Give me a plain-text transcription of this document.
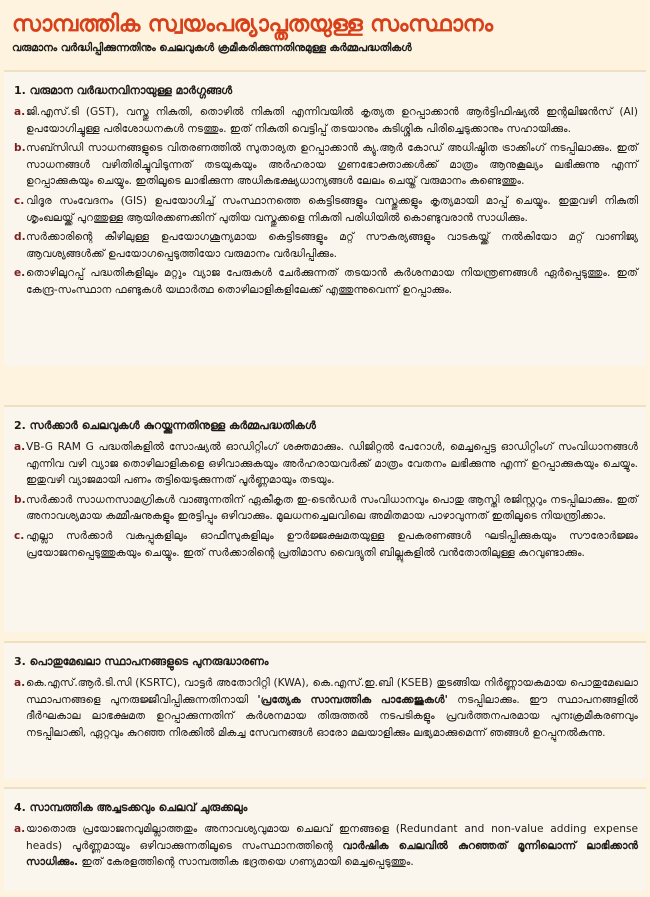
സാമ്പത്തിക സ്വയംപര്യാപ്തതയുള്ള സംസ്ഥാനം
വരുമാനം വർദ്ധിപ്പിക്കുന്നതിനും ചെലവുകൾ ക്രമീകരിക്കുന്നതിനുമുള്ള കർമ്മപദ്ധതികൾ
1. വരുമാന വർദ്ധനവിനായുള്ള മാർഗ്ഗങ്ങൾ
a. ജി.എസ്.ടി (GST), വസ്തു നികുതി, തൊഴിൽ നികുതി എന്നിവയിൽ കൃത്യത ഉറപ്പാക്കാൻ ആർട്ടിഫിഷ്യൽ ഇന്റലിജൻസ് (AI) ഉപയോഗിച്ചുള്ള പരിശോധനകൾ നടത്തും. ഇത് നികുതി വെട്ടിപ്പ് തടയാനും കുടിശ്ശിക പിരിച്ചെടുക്കാനും സഹായിക്കും.
b. സബ്സിഡി സാധനങ്ങളുടെ വിതരണത്തിൽ സുതാര്യത ഉറപ്പാക്കാൻ ക്യു.ആർ കോഡ് അധിഷ്ഠിത ട്രാക്കിംഗ് നടപ്പിലാക്കും. ഇത് സാധനങ്ങൾ വഴിതിരിച്ചുവിടുന്നത് തടയുകയും അർഹരായ ഗുണഭോക്താക്കൾക്ക് മാത്രം ആനുകൂല്യം ലഭിക്കുന്നു എന്ന് ഉറപ്പാക്കുകയും ചെയ്യും. ഇതിലൂടെ ലാഭിക്കുന്ന അധികഭക്ഷ്യധാന്യങ്ങൾ ലേലം ചെയ്ത് വരുമാനം കണ്ടെത്തും.
c. വിദൂര സംവേദനം (GIS) ഉപയോഗിച്ച് സംസ്ഥാനത്തെ കെട്ടിടങ്ങളും വസ്തുക്കളും കൃത്യമായി മാപ്പ് ചെയ്യും. ഇതുവഴി നികുതി ശൃംഖലയ്ക്ക് പുറത്തുള്ള ആയിരക്കണക്കിന് പുതിയ വസ്തുക്കളെ നികുതി പരിധിയിൽ കൊണ്ടുവരാൻ സാധിക്കും.
d. സർക്കാരിന്റെ കീഴിലുള്ള ഉപയോഗശൂന്യമായ കെട്ടിടങ്ങളും മറ്റ് സൗകര്യങ്ങളും വാടകയ്ക്ക് നൽകിയോ മറ്റ് വാണിജ്യ ആവശ്യങ്ങൾക്ക് ഉപയോഗപ്പെടുത്തിയോ വരുമാനം വർദ്ധിപ്പിക്കും.
e. തൊഴിലുറപ്പ് പദ്ധതികളിലും മറ്റും വ്യാജ പേരുകൾ ചേർക്കുന്നത് തടയാൻ കർശനമായ നിയന്ത്രണങ്ങൾ ഏർപ്പെടുത്തും. ഇത് കേന്ദ്ര-സംസ്ഥാന ഫണ്ടുകൾ യഥാർത്ഥ തൊഴിലാളികളിലേക്ക് എത്തുന്നുവെന്ന് ഉറപ്പാക്കും.
2. സർക്കാർ ചെലവുകൾ കുറയ്ക്കുന്നതിനുള്ള കർമ്മപദ്ധതികൾ
a. VB-G RAM G പദ്ധതികളിൽ സോഷ്യൽ ഓഡിറ്റിംഗ് ശക്തമാക്കും. ഡിജിറ്റൽ പേറോൾ, മെച്ചപ്പെട്ട ഓഡിറ്റിംഗ് സംവിധാനങ്ങൾ എന്നിവ വഴി വ്യാജ തൊഴിലാളികളെ ഒഴിവാക്കുകയും അർഹരായവർക്ക് മാത്രം വേതനം ലഭിക്കുന്നു എന്ന് ഉറപ്പാക്കുകയും ചെയ്യും. ഇതുവഴി വ്യാജമായി പണം തട്ടിയെടുക്കുന്നത് പൂർണ്ണമായും തടയും.
b. സർക്കാർ സാധനസാമഗ്രികൾ വാങ്ങുന്നതിന് ഏകീകൃത ഇ-ടെൻഡർ സംവിധാനവും പൊതു ആസ്തി രജിസ്റ്ററും നടപ്പിലാക്കും. ഇത് അനാവശ്യമായ കമ്മീഷനുകളും ഇരട്ടിപ്പും ഒഴിവാക്കും. മൂലധനച്ചെലവിലെ അമിതമായ പാഴാവുന്നത് ഇതിലൂടെ നിയന്ത്രിക്കാം.
c. എല്ലാ സർക്കാർ വകുപ്പുകളിലും ഓഫീസുകളിലും ഊർജ്ജക്ഷമതയുള്ള ഉപകരണങ്ങൾ ഘടിപ്പിക്കുകയും സൗരോർജ്ജം പ്രയോജനപ്പെടുത്തുകയും ചെയ്യും. ഇത് സർക്കാരിന്റെ പ്രതിമാസ വൈദ്യുതി ബില്ലുകളിൽ വൻതോതിലുള്ള കുറവുണ്ടാക്കും.
3. പൊതുമേഖലാ സ്ഥാപനങ്ങളുടെ പുനരുദ്ധാരണം
a. കെ.എസ്.ആർ.ടി.സി (KSRTC), വാട്ടർ അതോറിറ്റി (KWA), കെ.എസ്.ഇ.ബി (KSEB) തുടങ്ങിയ നിർണ്ണായകമായ പൊതുമേഖലാ സ്ഥാപനങ്ങളെ പുനരുജ്ജീവിപ്പിക്കുന്നതിനായി 'പ്രത്യേക സാമ്പത്തിക പാക്കേജുകൾ' നടപ്പിലാക്കും. ഈ സ്ഥാപനങ്ങളിൽ ദീർഘകാല ലാഭക്ഷമത ഉറപ്പാക്കുന്നതിന് കർശനമായ തിരുത്തൽ നടപടികളും പ്രവർത്തനപരമായ പുനഃക്രമീകരണവും നടപ്പിലാക്കി, ഏറ്റവും കുറഞ്ഞ നിരക്കിൽ മികച്ച സേവനങ്ങൾ ഓരോ മലയാളിക്കും ലഭ്യമാക്കുമെന്ന് ഞങ്ങൾ ഉറപ്പുനൽകുന്നു.
4. സാമ്പത്തിക അച്ചടക്കവും ചെലവ് ചുരുക്കലും
a. യാതൊരു പ്രയോജനവുമില്ലാത്തതും അനാവശ്യവുമായ ചെലവ് ഇനങ്ങളെ (Redundant and non-value adding expense heads) പൂർണ്ണമായും ഒഴിവാക്കുന്നതിലൂടെ സംസ്ഥാനത്തിന്റെ വാർഷിക ചെലവിൽ കുറഞ്ഞത് മൂന്നിലൊന്ന് ലാഭിക്കാൻ സാധിക്കും. ഇത് കേരളത്തിന്റെ സാമ്പത്തിക ഭദ്രതയെ ഗണ്യമായി മെച്ചപ്പെടുത്തും.
